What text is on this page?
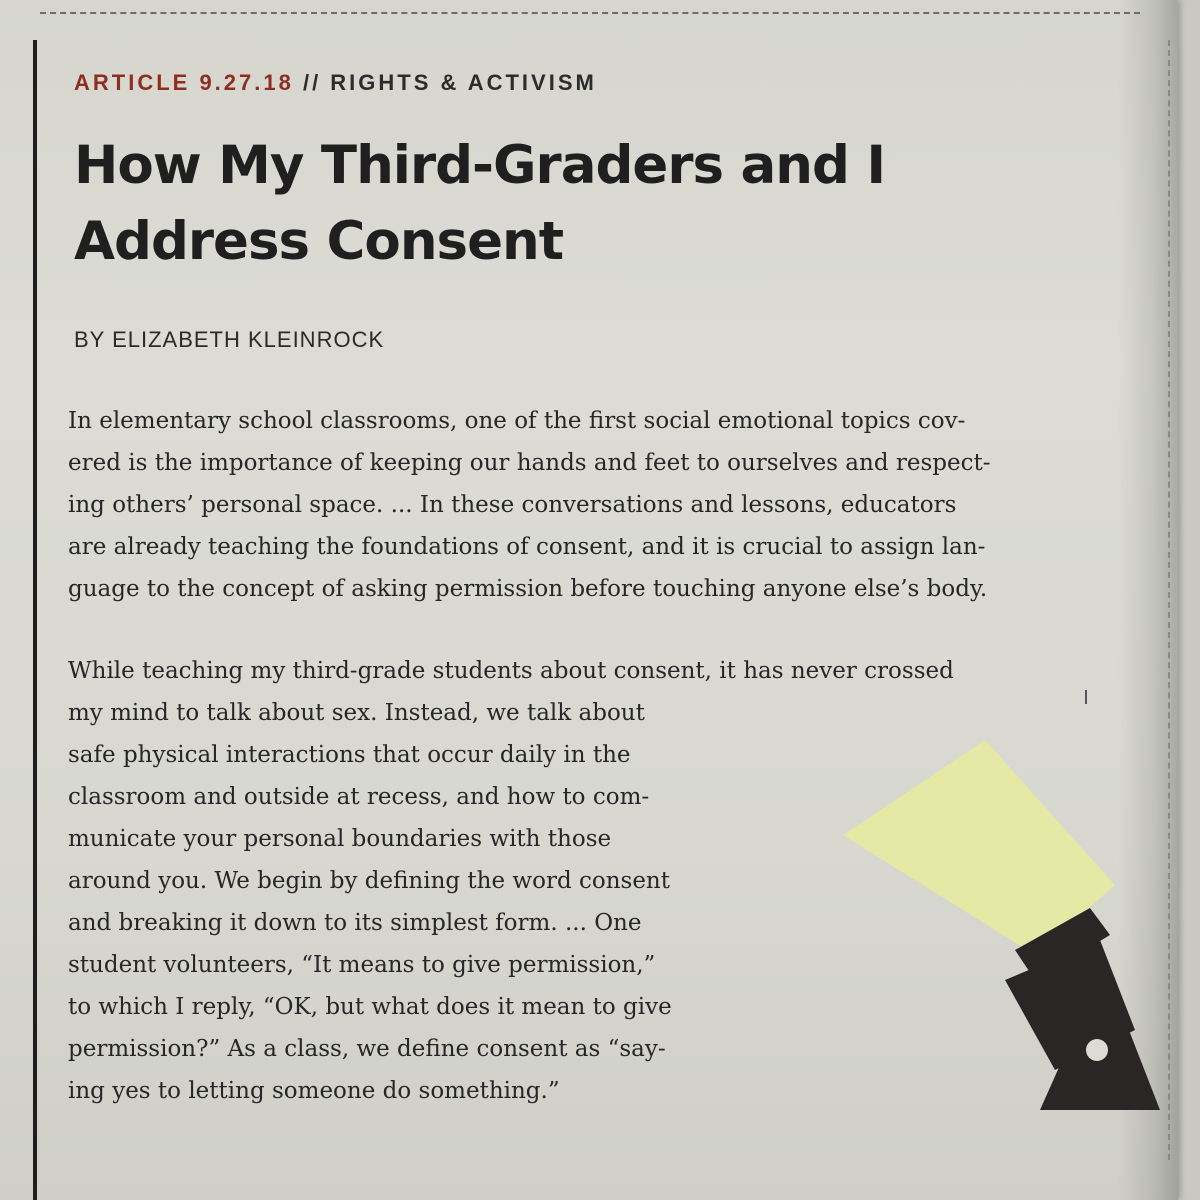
ARTICLE 9.27.18 // RIGHTS & ACTIVISM
How My Third-Graders and I
Address Consent
BY ELIZABETH KLEINROCK
In elementary school classrooms, one of the first social emotional topics cov-
ered is the importance of keeping our hands and feet to ourselves and respect-
ing others’ personal space. ... In these conversations and lessons, educators
are already teaching the foundations of consent, and it is crucial to assign lan-
guage to the concept of asking permission before touching anyone else’s body.
While teaching my third-grade students about consent, it has never crossed
my mind to talk about sex. Instead, we talk about
safe physical interactions that occur daily in the
classroom and outside at recess, and how to com-
municate your personal boundaries with those
around you. We begin by defining the word consent
and breaking it down to its simplest form. ... One
student volunteers, “It means to give permission,”
to which I reply, “OK, but what does it mean to give
permission?” As a class, we define consent as “say-
ing yes to letting someone do something.”
